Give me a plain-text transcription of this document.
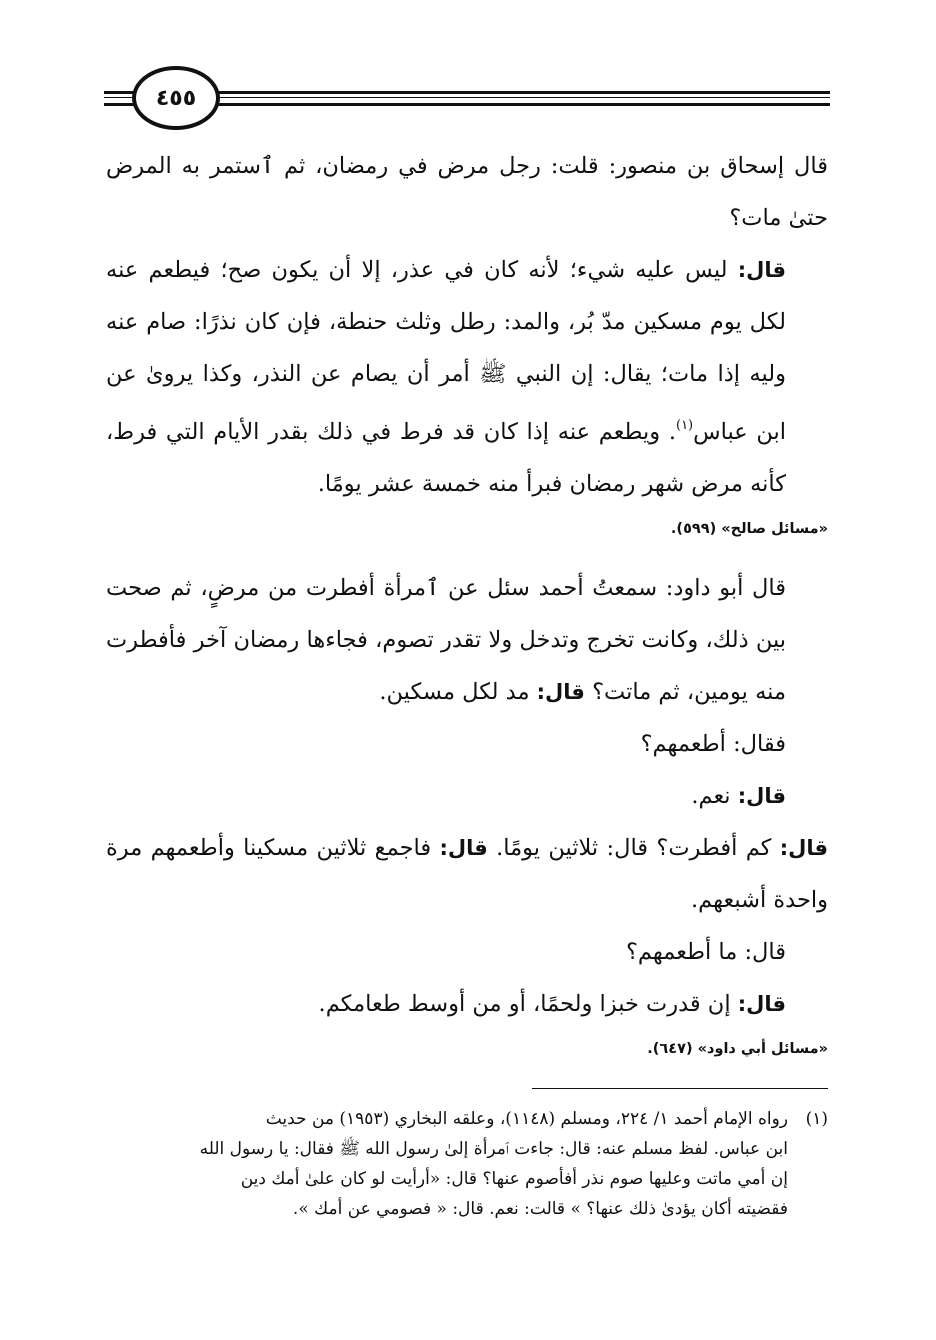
٤٥٥

قال إسحاق بن منصور: قلت: رجل مرض في رمضان، ثم ٱستمر به المرض حتىٰ مات؟

قال: ليس عليه شيء؛ لأنه كان في عذر، إلا أن يكون صح؛ فيطعم عنه لكل يوم مسكين مدّ بُر، والمد: رطل وثلث حنطة، فإن كان نذرًا: صام عنه وليه إذا مات؛ يقال: إن النبي ﷺ أمر أن يصام عن النذر، وكذا يروىٰ عن ابن عباس$^{(١)}$. ويطعم عنه إذا كان قد فرط في ذلك بقدر الأيام التي فرط، كأنه مرض شهر رمضان فبرأ منه خمسة عشر يومًا.

«مسائل صالح» (٥٩٩).

قال أبو داود: سمعتُ أحمد سئل عن ٱمرأة أفطرت من مرضٍ، ثم صحت بين ذلك، وكانت تخرج وتدخل ولا تقدر تصوم، فجاءها رمضان آخر فأفطرت منه يومين، ثم ماتت؟ قال: مد لكل مسكين.

فقال: أطعمهم؟

قال: نعم.

قال: كم أفطرت؟ قال: ثلاثين يومًا. قال: فاجمع ثلاثين مسكينا وأطعمهم مرة واحدة أشبعهم.

قال: ما أطعمهم؟

قال: إن قدرت خبزا ولحمًا، أو من أوسط طعامكم.

«مسائل أبي داود» (٦٤٧).
(١)رواه الإمام أحمد ١/ ٢٢٤، ومسلم (١١٤٨)، وعلقه البخاري (١٩٥٣) من حديث
ابن عباس. لفظ مسلم عنه: قال: جاءت ٱمرأة إلىٰ رسول الله ﷺ فقال: يا رسول الله
إن أمي ماتت وعليها صوم نذر أفأصوم عنها؟ قال: «أرأيت لو كان علىٰ أمك دين
فقضيته أكان يؤدىٰ ذلك عنها؟ » قالت: نعم. قال: « فصومي عن أمك ».
